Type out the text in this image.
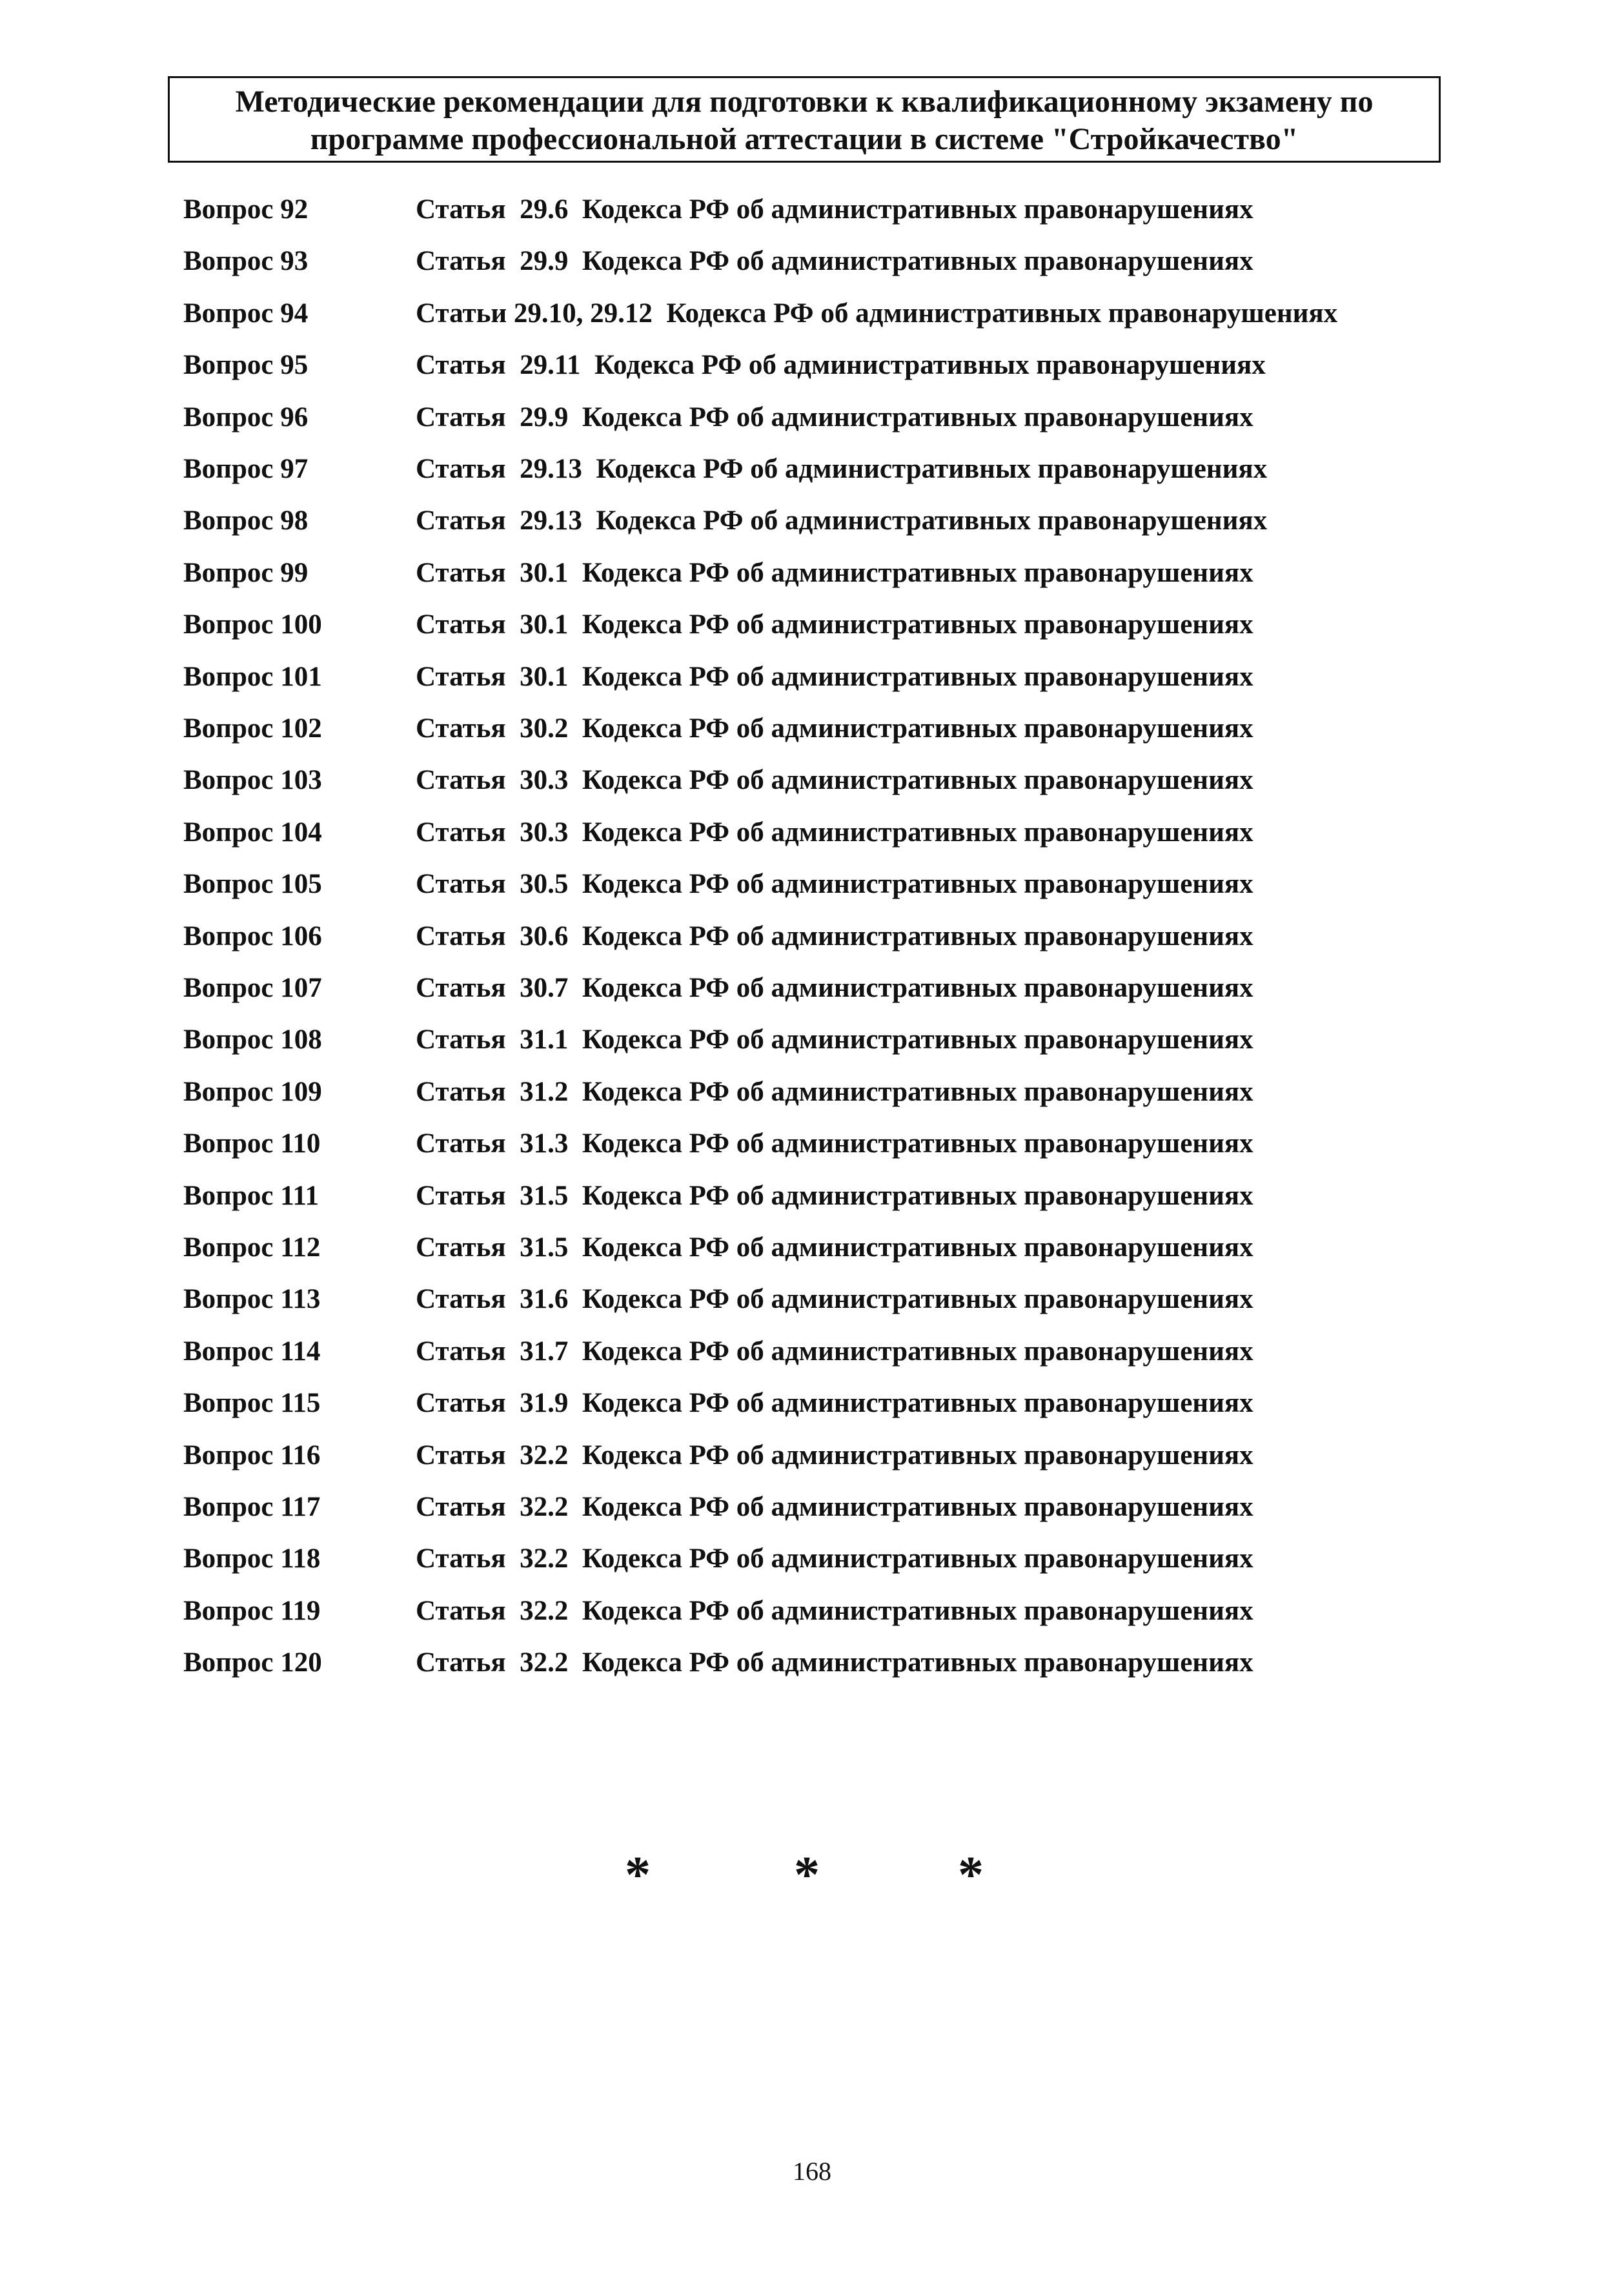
Методические рекомендации для подготовки к квалификационному экзамену по
программе профессиональной аттестации в системе "Стройкачество"
Вопрос 92	Статья  29.6  Кодекса РФ об административных правонарушениях
Вопрос 93	Статья  29.9  Кодекса РФ об административных правонарушениях
Вопрос 94	Статьи 29.10, 29.12  Кодекса РФ об административных правонарушениях
Вопрос 95	Статья  29.11  Кодекса РФ об административных правонарушениях
Вопрос 96	Статья  29.9  Кодекса РФ об административных правонарушениях
Вопрос 97	Статья  29.13  Кодекса РФ об административных правонарушениях
Вопрос 98	Статья  29.13  Кодекса РФ об административных правонарушениях
Вопрос 99	Статья  30.1  Кодекса РФ об административных правонарушениях
Вопрос 100	Статья  30.1  Кодекса РФ об административных правонарушениях
Вопрос 101	Статья  30.1  Кодекса РФ об административных правонарушениях
Вопрос 102	Статья  30.2  Кодекса РФ об административных правонарушениях
Вопрос 103	Статья  30.3  Кодекса РФ об административных правонарушениях
Вопрос 104	Статья  30.3  Кодекса РФ об административных правонарушениях
Вопрос 105	Статья  30.5  Кодекса РФ об административных правонарушениях
Вопрос 106	Статья  30.6  Кодекса РФ об административных правонарушениях
Вопрос 107	Статья  30.7  Кодекса РФ об административных правонарушениях
Вопрос 108	Статья  31.1  Кодекса РФ об административных правонарушениях
Вопрос 109	Статья  31.2  Кодекса РФ об административных правонарушениях
Вопрос 110	Статья  31.3  Кодекса РФ об административных правонарушениях
Вопрос 111	Статья  31.5  Кодекса РФ об административных правонарушениях
Вопрос 112	Статья  31.5  Кодекса РФ об административных правонарушениях
Вопрос 113	Статья  31.6  Кодекса РФ об административных правонарушениях
Вопрос 114	Статья  31.7  Кодекса РФ об административных правонарушениях
Вопрос 115	Статья  31.9  Кодекса РФ об административных правонарушениях
Вопрос 116	Статья  32.2  Кодекса РФ об административных правонарушениях
Вопрос 117	Статья  32.2  Кодекса РФ об административных правонарушениях
Вопрос 118	Статья  32.2  Кодекса РФ об административных правонарушениях
Вопрос 119	Статья  32.2  Кодекса РФ об административных правонарушениях
Вопрос 120	Статья  32.2  Кодекса РФ об административных правонарушениях
*	*	*
168
